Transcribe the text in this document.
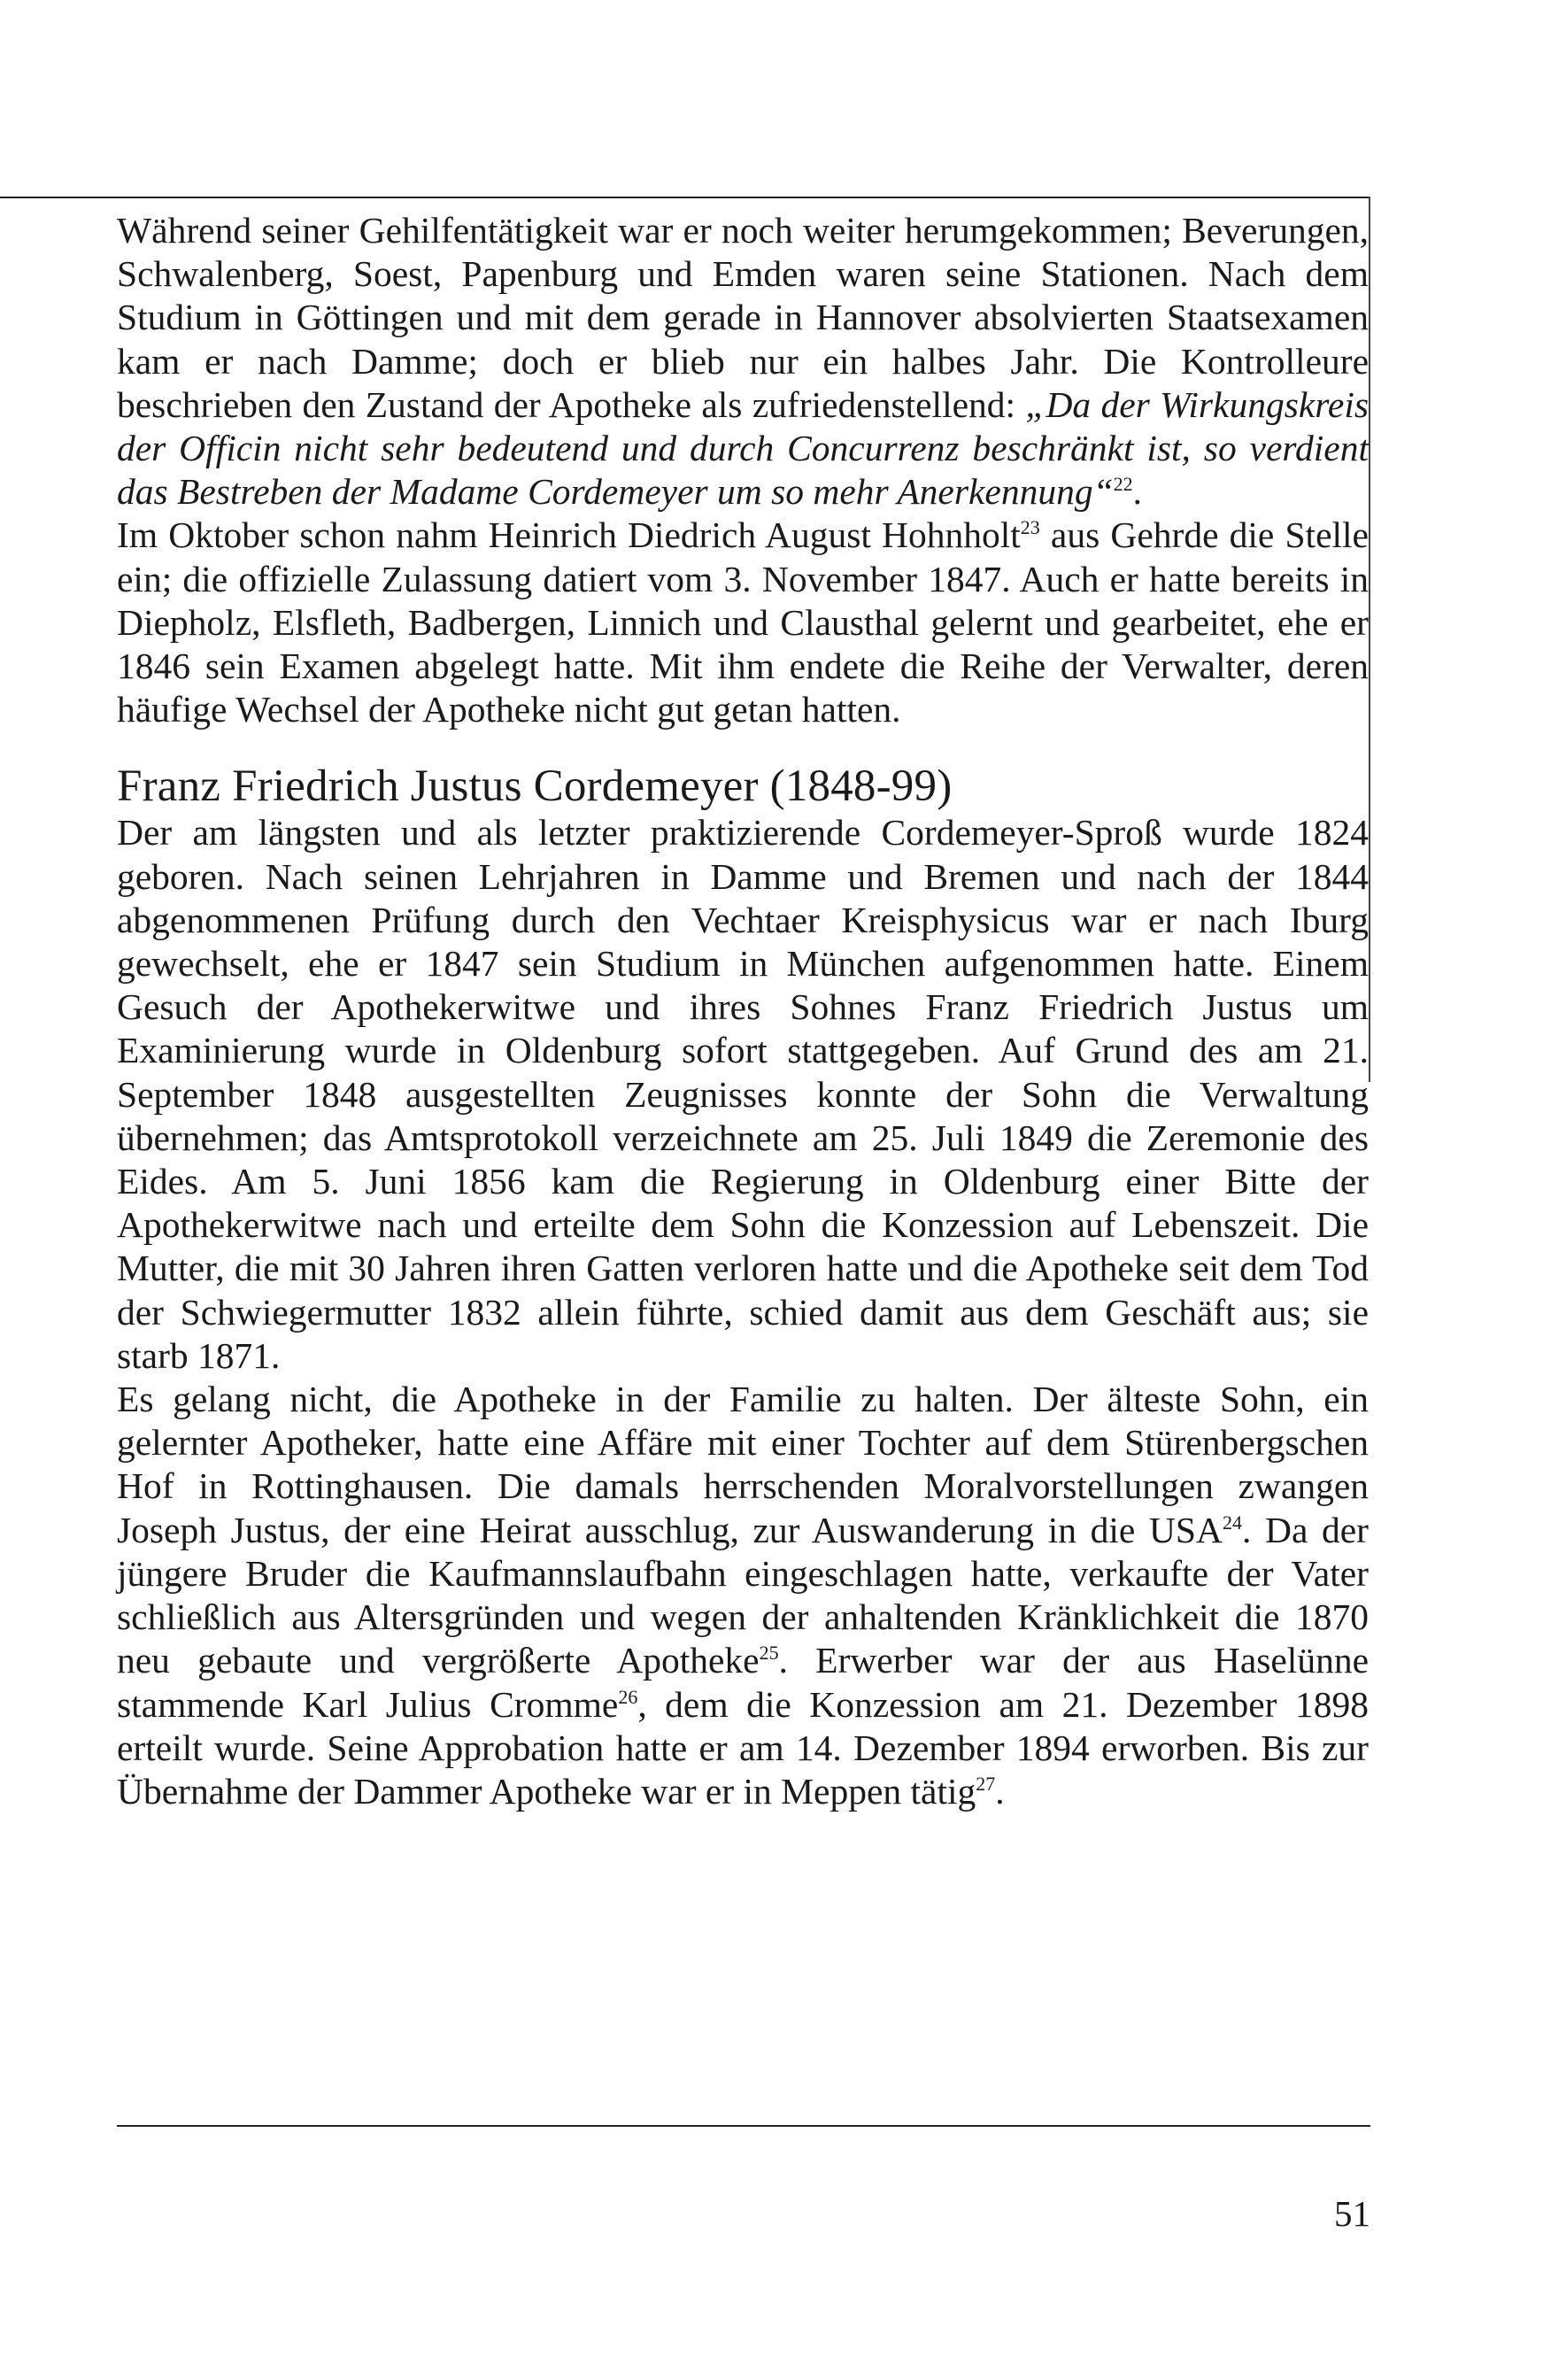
Während seiner Gehilfentätigkeit war er noch weiter herumgekommen; Beverungen, Schwalenberg, Soest, Papenburg und Emden waren seine Stationen. Nach dem Studium in Göttingen und mit dem gerade in Hannover absolvierten Staatsexamen kam er nach Damme; doch er blieb nur ein halbes Jahr. Die Kontrolleure beschrieben den Zustand der Apotheke als zufriedenstellend: „Da der Wirkungskreis der Officin nicht sehr bedeutend und durch Concurrenz beschränkt ist, so verdient das Bestreben der Madame Cordemeyer um so mehr Anerkennung“$^{22}$.

Im Oktober schon nahm Heinrich Diedrich August Hohnholt$^{23}$ aus Gehrde die Stelle ein; die offizielle Zulassung datiert vom 3. November 1847. Auch er hatte bereits in Diepholz, Elsfleth, Badbergen, Linnich und Clausthal gelernt und gearbeitet, ehe er 1846 sein Examen abgelegt hatte. Mit ihm endete die Reihe der Verwalter, deren häufige Wechsel der Apotheke nicht gut getan hatten.

Franz Friedrich Justus Cordemeyer (1848-99)

Der am längsten und als letzter praktizierende Cordemeyer-Sproß wurde 1824 geboren. Nach seinen Lehrjahren in Damme und Bremen und nach der 1844 abgenommenen Prüfung durch den Vechtaer Kreisphysicus war er nach Iburg gewechselt, ehe er 1847 sein Studium in München aufgenommen hatte. Einem Gesuch der Apothekerwitwe und ihres Sohnes Franz Friedrich Justus um Examinierung wurde in Oldenburg sofort stattgegeben. Auf Grund des am 21. September 1848 ausgestellten Zeugnisses konnte der Sohn die Verwaltung übernehmen; das Amtsprotokoll verzeichnete am 25. Juli 1849 die Zeremonie des Eides. Am 5. Juni 1856 kam die Regierung in Oldenburg einer Bitte der Apothekerwitwe nach und erteilte dem Sohn die Konzession auf Lebenszeit. Die Mutter, die mit 30 Jahren ihren Gatten verloren hatte und die Apotheke seit dem Tod der Schwiegermutter 1832 allein führte, schied damit aus dem Geschäft aus; sie starb 1871.

Es gelang nicht, die Apotheke in der Familie zu halten. Der älteste Sohn, ein gelernter Apotheker, hatte eine Affäre mit einer Tochter auf dem Stürenbergschen Hof in Rottinghausen. Die damals herrschenden Moralvorstellungen zwangen Joseph Justus, der eine Heirat ausschlug, zur Auswanderung in die USA$^{24}$. Da der jüngere Bruder die Kaufmannslaufbahn eingeschlagen hatte, verkaufte der Vater schließlich aus Altersgründen und wegen der anhaltenden Kränklichkeit die 1870 neu gebaute und vergrößerte Apotheke$^{25}$. Erwerber war der aus Haselünne stammende Karl Julius Cromme$^{26}$, dem die Konzession am 21. Dezember 1898 erteilt wurde. Seine Approbation hatte er am 14. Dezember 1894 erworben. Bis zur Übernahme der Dammer Apotheke war er in Meppen tätig$^{27}$.

51
